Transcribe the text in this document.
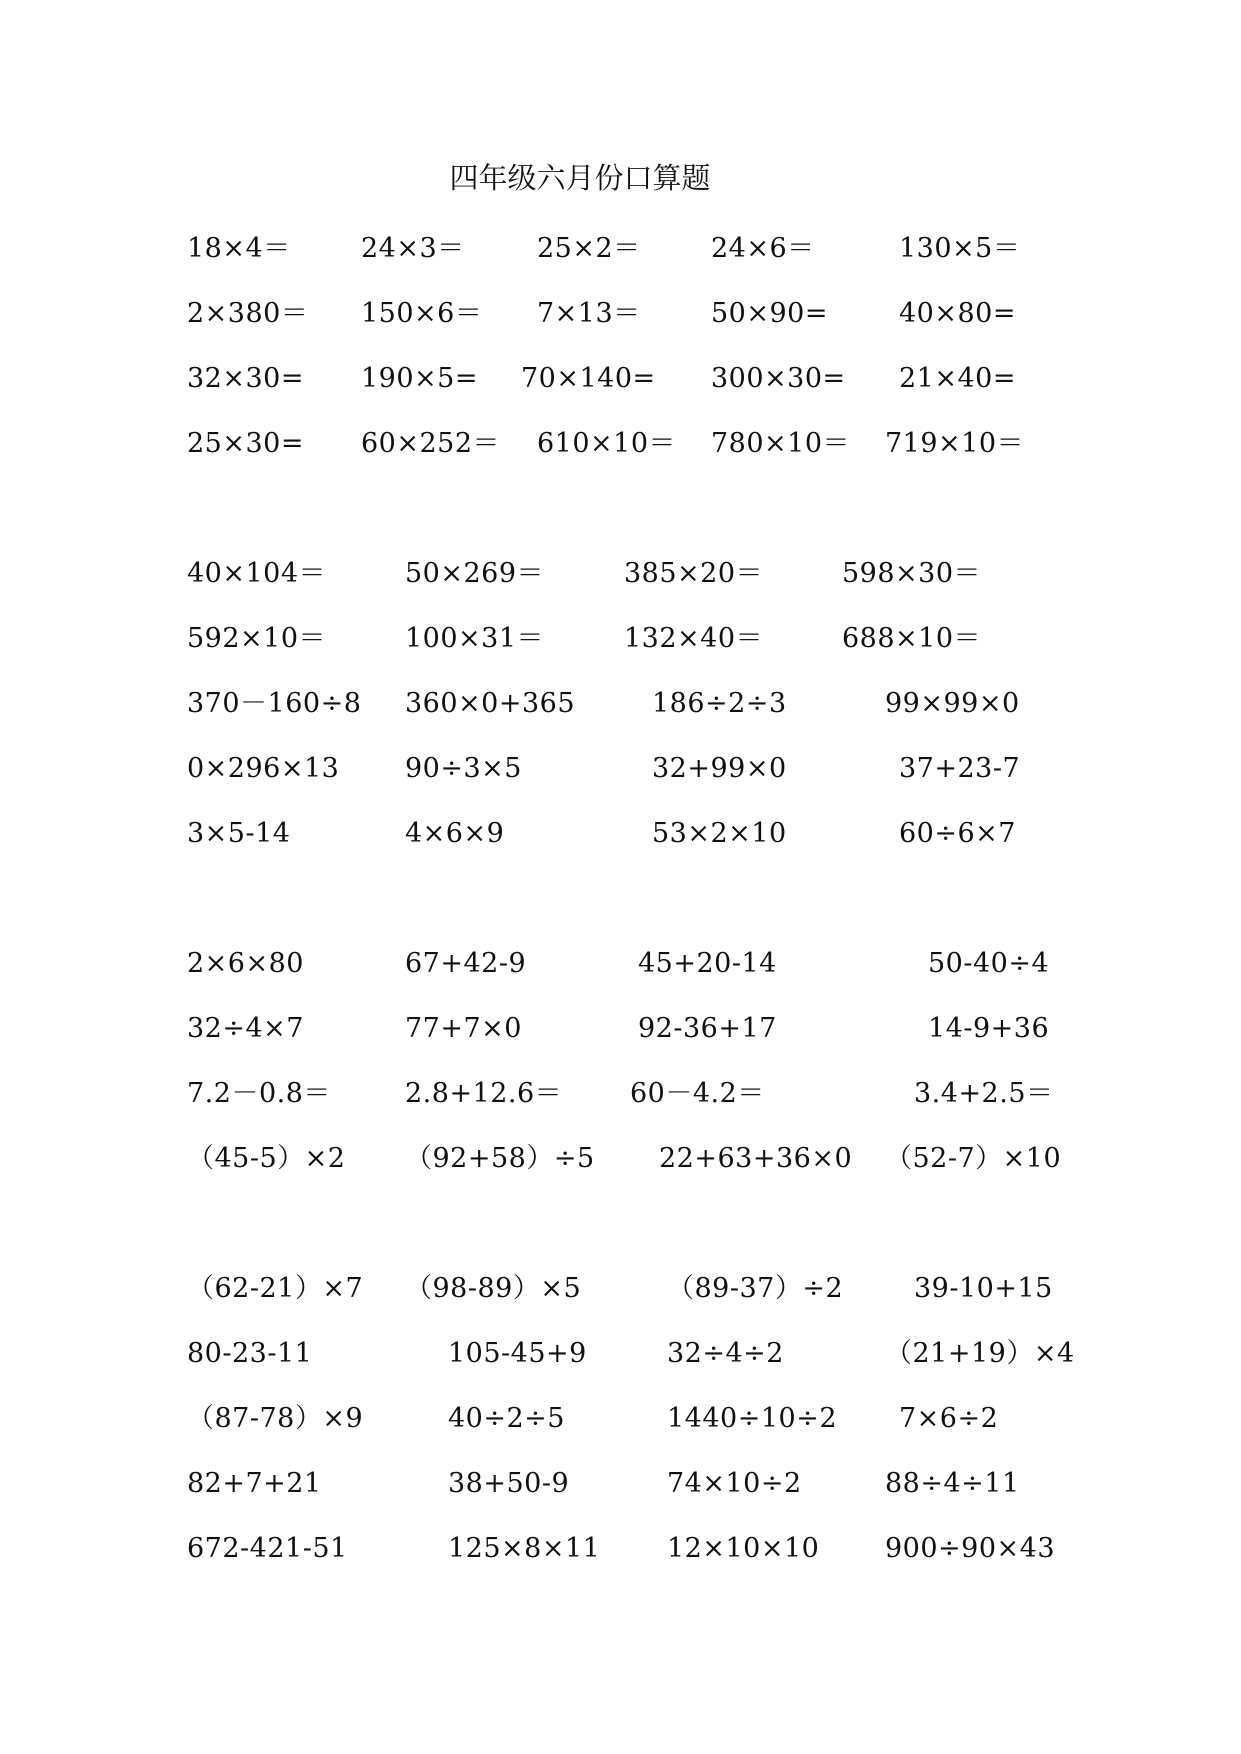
四年级六月份口算题
18×4＝	24×3＝	25×2＝	24×6＝	130×5＝
2×380＝ 150×6＝ 7×13＝	50×90=	40×80=
32×30= 190×5= 70×140= 300×30= 21×40=
25×30= 60×252＝ 610×10＝ 780×10＝ 719×10＝
40×104＝	50×269＝	385×20＝	598×30＝
592×10＝	100×31＝	132×40＝	688×10＝
370－160÷8 360×0+365	186÷2÷3	99×99×0
0×296×13 90÷3×5	32+99×0	37+23-7
3×5-14	4×6×9	53×2×10	60÷6×7
2×6×80	67+42-9	45+20-14	50-40÷4
32÷4×7	77+7×0	92-36+17	14-9+36
7.2－0.8＝	2.8+12.6＝	60－4.2＝	3.4+2.5＝
（45-5）×2 （92+58）÷5 22+63+36×0 （52-7）×10
（62-21）×7 （98-89）×5	（89-37）÷2	39-10+15
80-23-11	105-45+9	32÷4÷2	（21+19）×4
（87-78）×9	40÷2÷5	1440÷10÷2 7×6÷2
82+7+21	38+50-9	74×10÷2	88÷4÷11
672-421-51	125×8×11 12×10×10 900÷90×43
